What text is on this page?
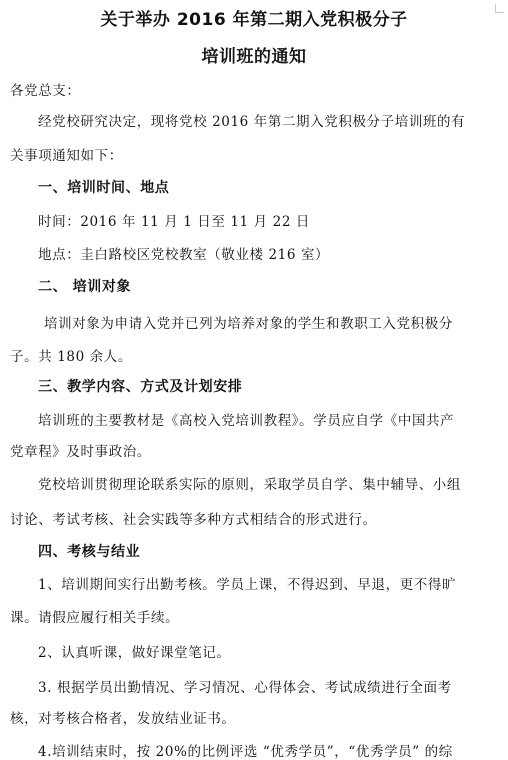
关于举办 2016 年第二期入党积极分子
培训班的通知
各党总支：
经党校研究决定，现将党校 2016 年第二期入党积极分子培训班的有
关事项通知如下：
一、培训时间、地点
时间：2016 年 11 月 1 日至 11 月 22 日
地点：圭白路校区党校教室（敬业楼 216 室）
二、 培训对象
培训对象为申请入党并已列为培养对象的学生和教职工入党积极分
子。共 180 余人。
三、教学内容、方式及计划安排
培训班的主要教材是《高校入党培训教程》。学员应自学《中国共产
党章程》及时事政治。
党校培训贯彻理论联系实际的原则，采取学员自学、集中辅导、小组
讨论、考试考核、社会实践等多种方式相结合的形式进行。
四、考核与结业
1、培训期间实行出勤考核。学员上课，不得迟到、早退，更不得旷
课。请假应履行相关手续。
2、认真听课，做好课堂笔记。
3. 根据学员出勤情况、学习情况、心得体会、考试成绩进行全面考
核，对考核合格者，发放结业证书。
4.培训结束时，按 20%的比例评选 “优秀学员”，“优秀学员” 的综
